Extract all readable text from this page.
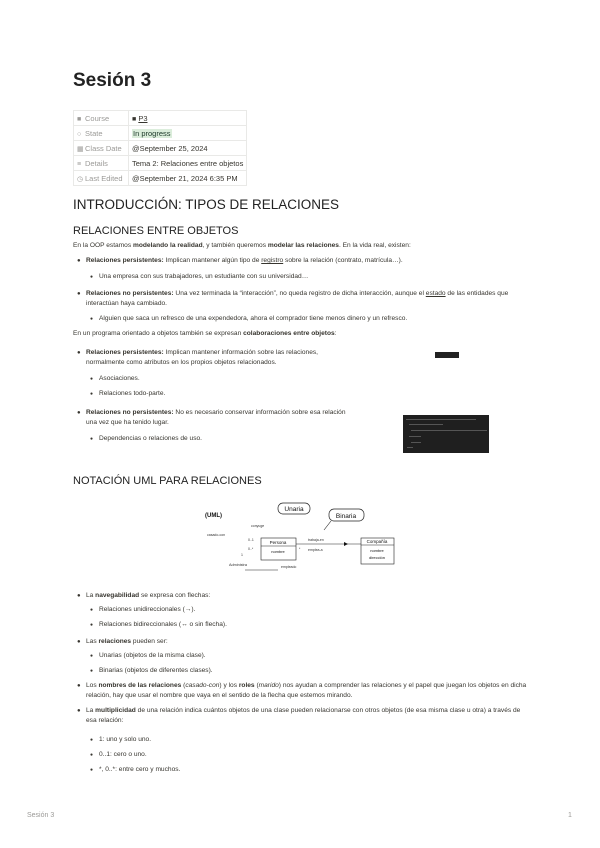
Sesión 3
■ Course	■ P3
○ State	In progress
▦Class Date	@September 25, 2024
≡ Details	Tema 2: Relaciones entre objetos
◷ Last Edited	@September 21, 2024 6:35 PM
INTRODUCCIÓN: TIPOS DE RELACIONES
RELACIONES ENTRE OBJETOS
En la OOP estamos modelando la realidad, y también queremos modelar las relaciones. En la vida real, existen:
● Relaciones persistentes: Implican mantener algún tipo de registro sobre la relación (contrato, matrícula…).
● Una empresa con sus trabajadores, un estudiante con su universidad…
● Relaciones no persistentes: Una vez terminada la “interacción”, no queda registro de dicha interacción, aunque el estado de las entidades que interactúan haya cambiado.
● Alguien que saca un refresco de una expendedora, ahora el comprador tiene menos dinero y un refresco.
En un programa orientado a objetos también se expresan colaboraciones entre objetos:
● Relaciones persistentes: Implican mantener información sobre las relaciones, normalmente como atributos en los propios objetos relacionados.
● Asociaciones.
● Relaciones todo-parte.
● Relaciones no persistentes: No es necesario conservar información sobre esa relación una vez que ha tenido lugar.
● Dependencias o relaciones de uso.
NOTACIÓN UML PARA RELACIONES
(UML)
Unaria
Binaria
conyuge
casado-con
0..1
0..*
1
Persona
nombre
trabaja-en
emplea-a
*
Compañía
nombre
dirección
Administra	empleado
● La navegabilidad se expresa con flechas:
● Relaciones unidireccionales (→).
● Relaciones bidireccionales (↔ o sin flecha).
● Las relaciones pueden ser:
● Unarias (objetos de la misma clase).
● Binarias (objetos de diferentes clases).
● Los nombres de las relaciones (casado-con) y los roles (marido) nos ayudan a comprender las relaciones y el papel que juegan los objetos en dicha relación, hay que usar el nombre que vaya en el sentido de la flecha que estemos mirando.
● La multiplicidad de una relación indica cuántos objetos de una clase pueden relacionarse con otros objetos (de esa misma clase u otra) a través de esa relación:
● 1: uno y solo uno.
● 0..1: cero o uno.
● *, 0..*: entre cero y muchos.
Sesión 3	1
